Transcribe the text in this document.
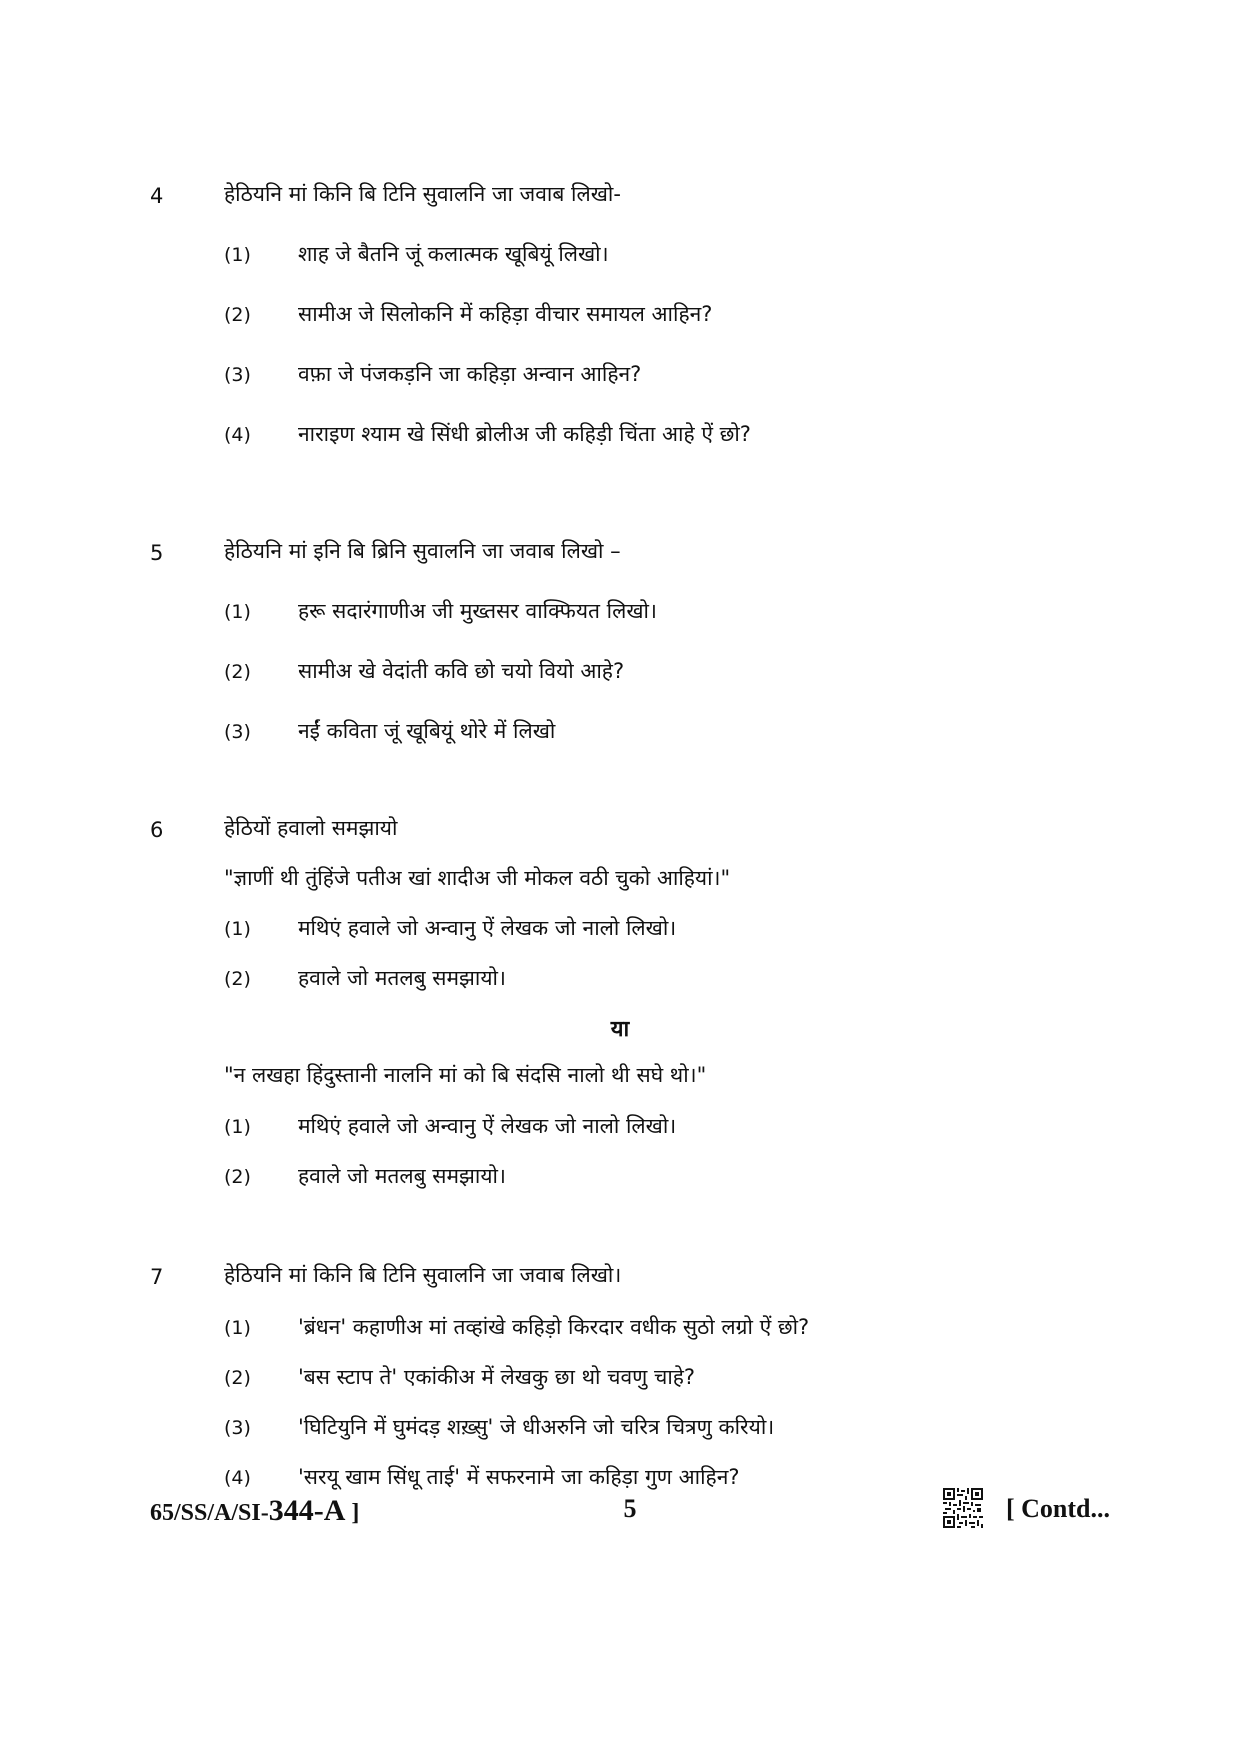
4	हेठियनि मां किनि बि टिनि सुवालनि जा जवाब लिखो-
(1) शाह जे बैतनि जूं कलात्मक खूबियूं लिखो।
(2) सामीअ जे सिलोकनि में कहिड़ा वीचार समायल आहिन?
(3) वफ़ा जे पंजकड़नि जा कहिड़ा अन्वान आहिन?
(4) नाराइण श्याम खे सिंधी ब्रोलीअ जी कहिड़ी चिंता आहे ऐं छो?
5	हेठियनि मां इनि बि ब्रिनि सुवालनि जा जवाब लिखो –
(1) हरू सदारंगाणीअ जी मुख्तसर वाक्फियत लिखो।
(2) सामीअ खे वेदांती कवि छो चयो वियो आहे?
(3) नईं कविता जूं खूबियूं थोरे में लिखो
6	हेठियों हवालो समझायो
"ज्ञाणीं थी तुंहिंजे पतीअ खां शादीअ जी मोकल वठी चुको आहियां।"
(1) मथिएं हवाले जो अन्वानु ऐं लेखक जो नालो लिखो।
(2) हवाले जो मतलबु समझायो।
या
"न लखहा हिंदुस्तानी नालनि मां को बि संदसि नालो थी सघे थो।"
(1) मथिएं हवाले जो अन्वानु ऐं लेखक जो नालो लिखो।
(2) हवाले जो मतलबु समझायो।
7	हेठियनि मां किनि बि टिनि सुवालनि जा जवाब लिखो।
(1) 'ब्रंधन' कहाणीअ मां तव्हांखे कहिड़ो किरदार वधीक सुठो लग्रो ऐं छो?
(2) 'बस स्टाप ते' एकांकीअ में लेखकु छा थो चवणु चाहे?
(3) 'घिटियुनि में घुमंदड़ शख़्सु' जे धीअरुनि जो चरित्र चित्रणु करियो।
(4) 'सरयू खाम सिंधू ताई' में सफरनामे जा कहिड़ा गुण आहिन?
65/SS/A/SI-344-A ]	5	[ Contd...
